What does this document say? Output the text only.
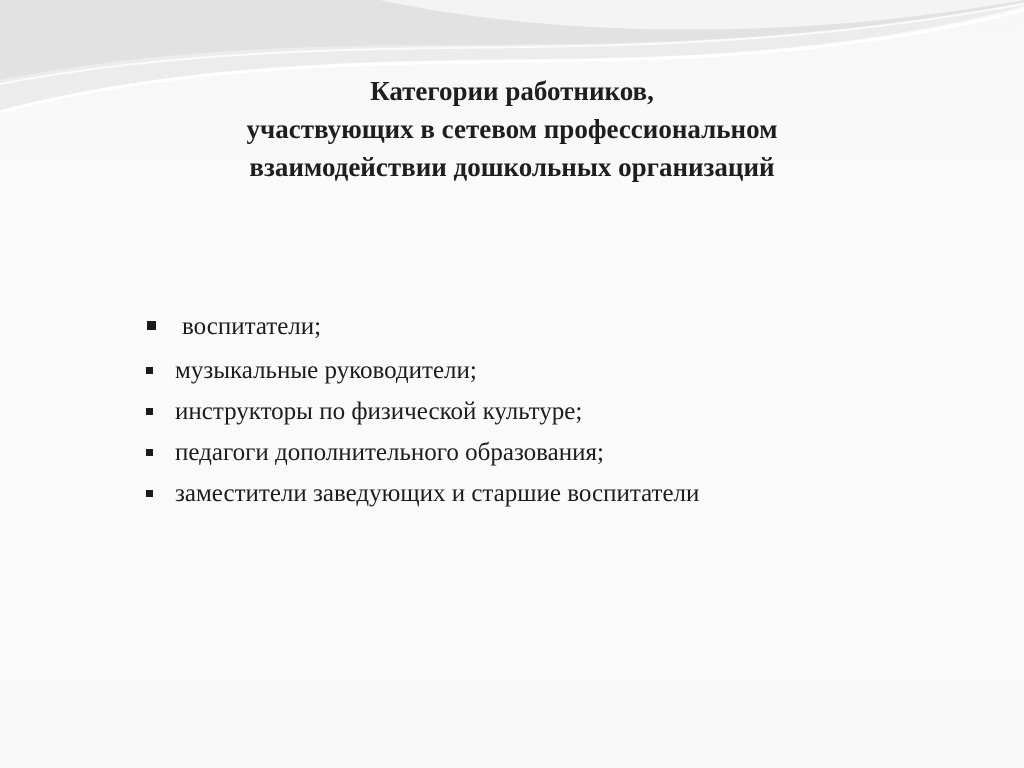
Категории работников,
участвующих в сетевом профессиональном
взаимодействии дошкольных организаций
воспитатели;
музыкальные руководители;
инструкторы по физической культуре;
педагоги дополнительного образования;
заместители заведующих и старшие воспитатели
